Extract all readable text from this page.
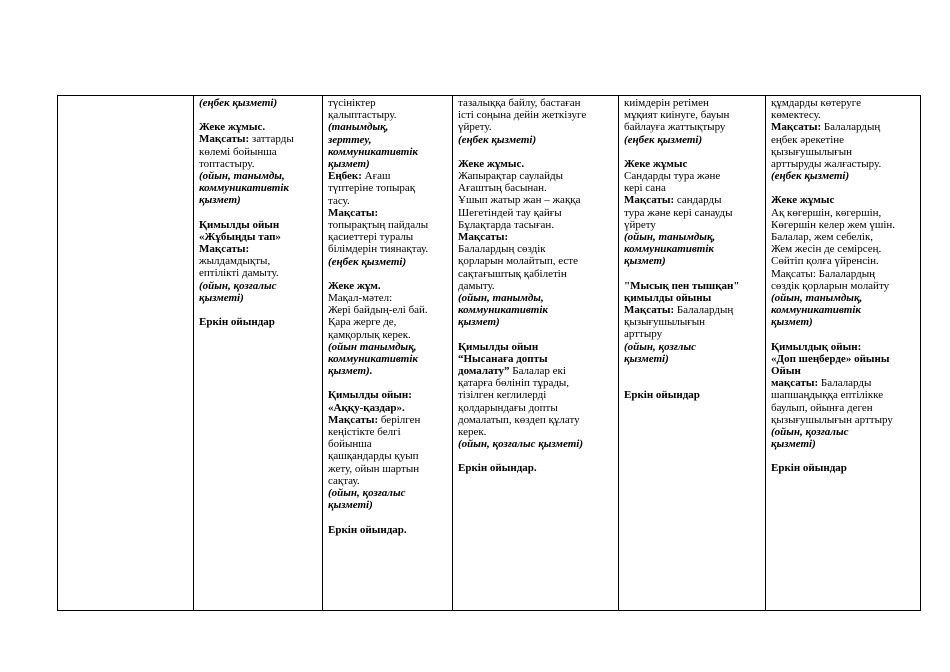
(еңбек қызметі)
Жеке жұмыс.
Мақсаты: заттарды
көлемі бойынша
топтастыру.
(ойын, танымды,
коммуникативтік
қызмет)
Қимылды ойын
«Жұбыңды тап»
Мақсаты:
жылдамдықты,
ептілікті дамыту.
(ойын, қозғалыс
қызметі)
Еркін ойындар

түсініктер
қалыптастыру.
(танымдық,
зерттеу,
коммуникативтік
қызмет)
Еңбек: Ағаш
түптеріне топырақ
тасу.
Мақсаты:
топырақтың пайдалы
қасиеттері туралы
білімдерін тиянақтау.
(еңбек қызметі)
Жеке жұм.
Мақал-мәтел:
Жері байдың-елі бай.
Қара жерге де,
қамқорлық керек.
(ойын танымдық,
коммуникативтік
қызмет).
Қимылды ойын:
«Аққу-қаздар».
Мақсаты: берілген
кеңістікте белгі
бойынша
қашқандарды қуып
жету, ойын шартын
сақтау.
(ойын, қозғалыс
қызметі)
Еркін ойындар.

тазалыққа байлу, бастаған
істі соңына дейін жеткізуге
үйрету.
(еңбек қызметі)
Жеке жұмыс.
Жапырақтар саулайды
Ағаштың басынан.
Ұшып жатыр жан – жаққа
Шегетіндей тау қайғы
Бұлақтарда тасыған.
Мақсаты:
Балалардың сөздік
қорларын молайтып, есте
сақтағыштық қабілетін
дамыту.
(ойын, танымды,
коммуникативтік
қызмет)
Қимылды ойын
“Нысанаға допты
домалату” Балалар екі
қатарға бөлініп тұрады,
тізілген кеглилерді
қолдарындағы допты
домалатып, көздеп құлату
керек.
(ойын, қозғалыс қызметі)
Еркін ойындар.

киімдерін ретімен
мұқият киінуге, бауын
байлауға жаттықтыру
(еңбек қызметі)
Жеке жұмыс
Сандарды тура және
кері сана
Мақсаты: сандарды
тура және кері санауды
үйрету
(ойын, танымдық,
коммуникативтік
қызмет)
"Мысық пен тышқан"
қимылды ойыны
Мақсаты: Балалардың
қызығушылығын
арттыру
(ойын, қозғлыс
қызметі)
Еркін ойындар

құмдарды көтеруге
көмектесу.
Мақсаты: Балалардың
еңбек әрекетіне
қызығушылығын
арттыруды жалғастыру.
(еңбек қызметі)
Жеке жұмыс
Ақ көгершін, көгершін,
Көгершін келер жем үшін.
Балалар, жем себелік,
Жем жесін де семірсең.
Сөйтіп қолға үйренсін.
Мақсаты: Балалардың
сөздік қорларын молайту
(ойын, танымдық,
коммуникативтік
қызмет)
Қимылдық ойын:
«Доп шеңберде» ойыны
Ойын
мақсаты: Балаларды
шапшаңдыққа ептілікке
баулып, ойынға деген
қызығушылығын арттыру
(ойын, қозғалыс
қызметі)
Еркін ойындар
